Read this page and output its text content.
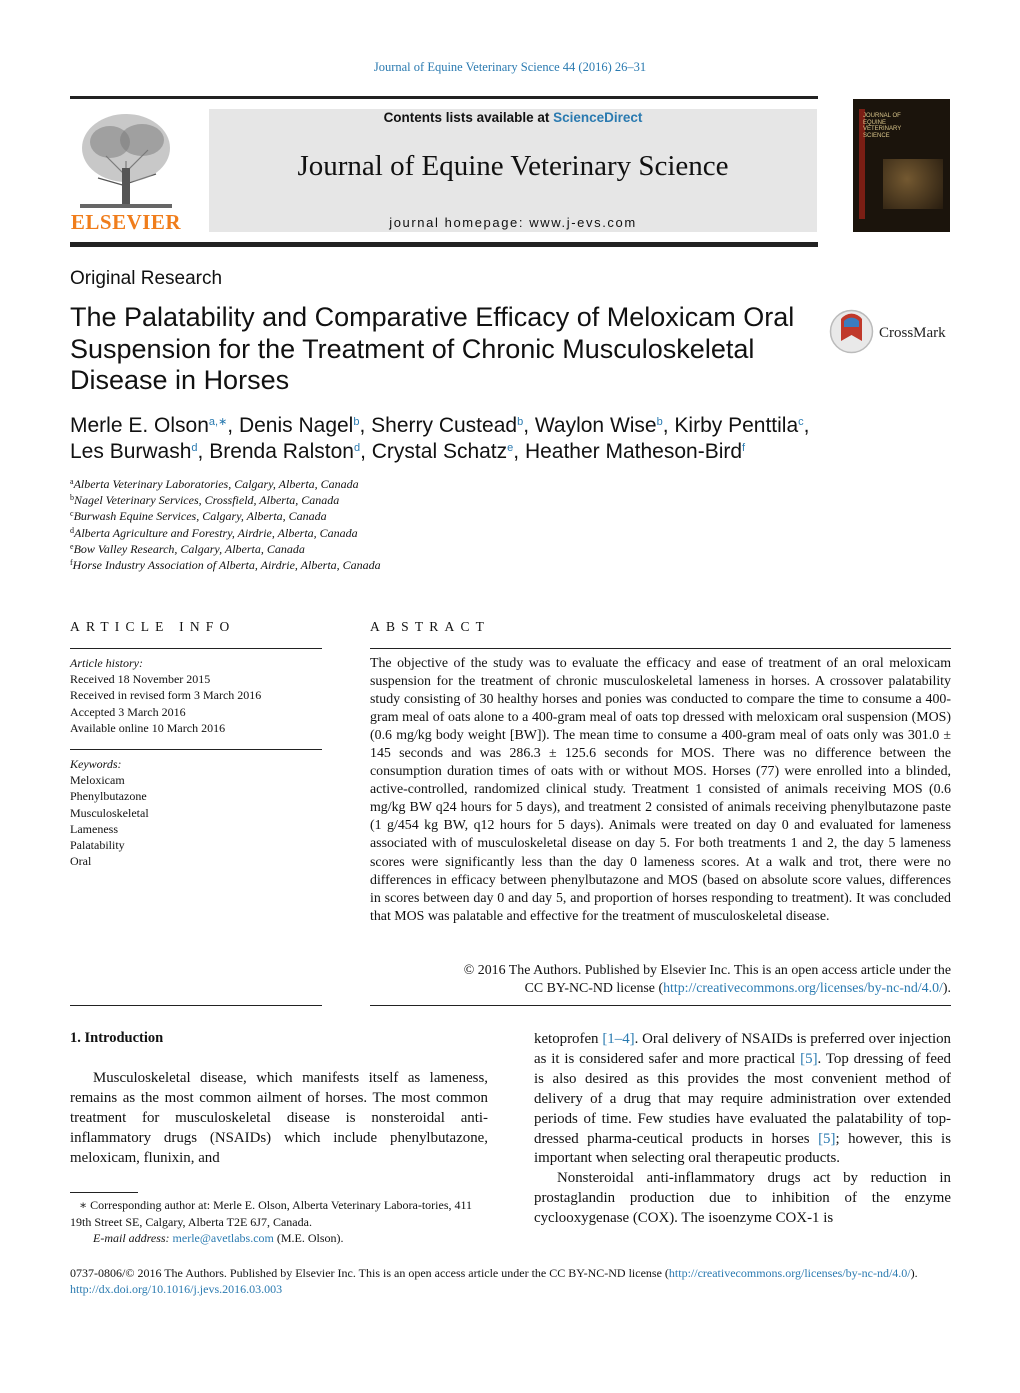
Journal of Equine Veterinary Science 44 (2016) 26–31
ELSEVIER
Contents lists available at ScienceDirect
Journal of Equine Veterinary Science
journal homepage: www.j-evs.com
JOURNAL OF EQUINE VETERINARY SCIENCE
Original Research
The Palatability and Comparative Efficacy of Meloxicam Oral Suspension for the Treatment of Chronic Musculoskeletal Disease in Horses
CrossMark
Merle E. Olson$^{a,∗}$, Denis Nagel$^b$, Sherry Custead$^b$, Waylon Wise$^b$, Kirby Penttila$^c$,
Les Burwash$^d$, Brenda Ralston$^d$, Crystal Schatz$^e$, Heather Matheson-Bird$^f$
$^a$Alberta Veterinary Laboratories, Calgary, Alberta, Canada
$^b$Nagel Veterinary Services, Crossfield, Alberta, Canada
$^c$Burwash Equine Services, Calgary, Alberta, Canada
$^d$Alberta Agriculture and Forestry, Airdrie, Alberta, Canada
$^e$Bow Valley Research, Calgary, Alberta, Canada
$^f$Horse Industry Association of Alberta, Airdrie, Alberta, Canada
ARTICLE INFO	ABSTRACT
Article history:
Received 18 November 2015
Received in revised form 3 March 2016
Accepted 3 March 2016
Available online 10 March 2016
Keywords:
Meloxicam
Phenylbutazone
Musculoskeletal
Lameness
Palatability
Oral
The objective of the study was to evaluate the efficacy and ease of treatment of an oral meloxicam suspension for the treatment of chronic musculoskeletal lameness in horses. A crossover palatability study consisting of 30 healthy horses and ponies was conducted to compare the time to consume a 400-gram meal of oats alone to a 400-gram meal of oats top dressed with meloxicam oral suspension (MOS) (0.6 mg/kg body weight [BW]). The mean time to consume a 400-gram meal of oats only was 301.0 ± 145 seconds and was 286.3 ± 125.6 seconds for MOS. There was no difference between the consumption duration times of oats with or without MOS. Horses (77) were enrolled into a blinded, active-controlled, randomized clinical study. Treatment 1 consisted of animals receiving MOS (0.6 mg/kg BW q24 hours for 5 days), and treatment 2 consisted of animals receiving phenylbutazone paste (1 g/454 kg BW, q12 hours for 5 days). Animals were treated on day 0 and evaluated for lameness associated with of musculoskeletal disease on day 5. For both treatments 1 and 2, the day 5 lameness scores were significantly less than the day 0 lameness scores. At a walk and trot, there were no differences in efficacy between phenylbutazone and MOS (based on absolute score values, differences in scores between day 0 and day 5, and proportion of horses responding to treatment). It was concluded that MOS was palatable and effective for the treatment of musculoskeletal disease.
© 2016 The Authors. Published by Elsevier Inc. This is an open access article under the
CC BY-NC-ND license (http://creativecommons.org/licenses/by-nc-nd/4.0/).
1. Introduction
Musculoskeletal disease, which manifests itself as lameness, remains as the most common ailment of horses. The most common treatment for musculoskeletal disease is nonsteroidal anti-inflammatory drugs (NSAIDs) which include phenylbutazone, meloxicam, flunixin, and

ketoprofen [1–4]. Oral delivery of NSAIDs is preferred over injection as it is considered safer and more practical [5]. Top dressing of feed is also desired as this provides the most convenient method of delivery of a drug that may require administration over extended periods of time. Few studies have evaluated the palatability of top-dressed pharma-ceutical products in horses [5]; however, this is important when selecting oral therapeutic products.

Nonsteroidal anti-inflammatory drugs act by reduction in prostaglandin production due to inhibition of the enzyme cyclooxygenase (COX). The isoenzyme COX-1 is

∗ Corresponding author at: Merle E. Olson, Alberta Veterinary Labora-tories, 411 19th Street SE, Calgary, Alberta T2E 6J7, Canada.
E-mail address: merle@avetlabs.com (M.E. Olson).
0737-0806/© 2016 The Authors. Published by Elsevier Inc. This is an open access article under the CC BY-NC-ND license (http://creativecommons.org/licenses/by-nc-nd/4.0/).
http://dx.doi.org/10.1016/j.jevs.2016.03.003
